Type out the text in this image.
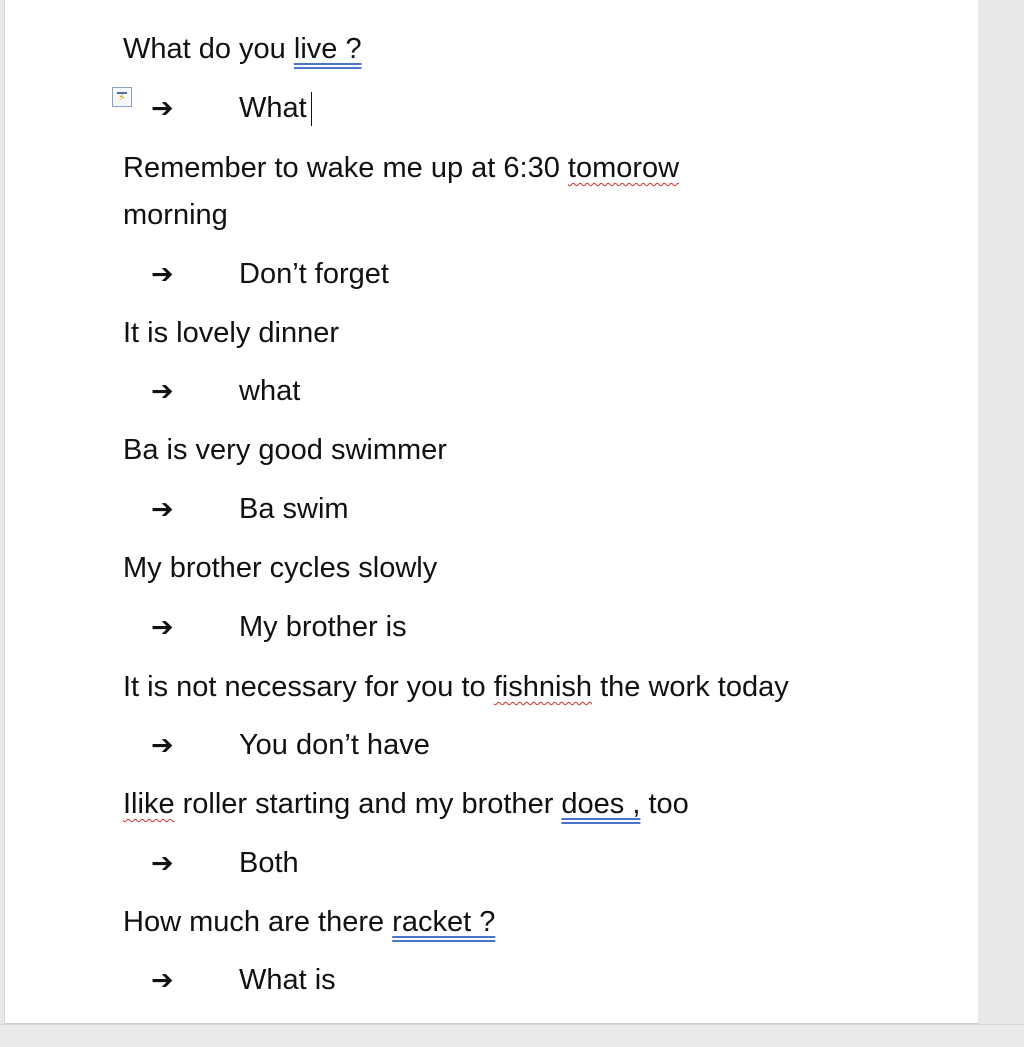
What do you live ?
⚡
➔ What
Remember to wake me up at 6:30 tomorow
morning
➔ Don’t forget
It is lovely dinner
➔ what
Ba is very good swimmer
➔ Ba swim
My brother cycles slowly
➔ My brother is
It is not necessary for you to fishnish the work today
➔ You don’t have
Ilike roller starting and my brother does , too
➔ Both
How much are there racket ?
➔ What is
